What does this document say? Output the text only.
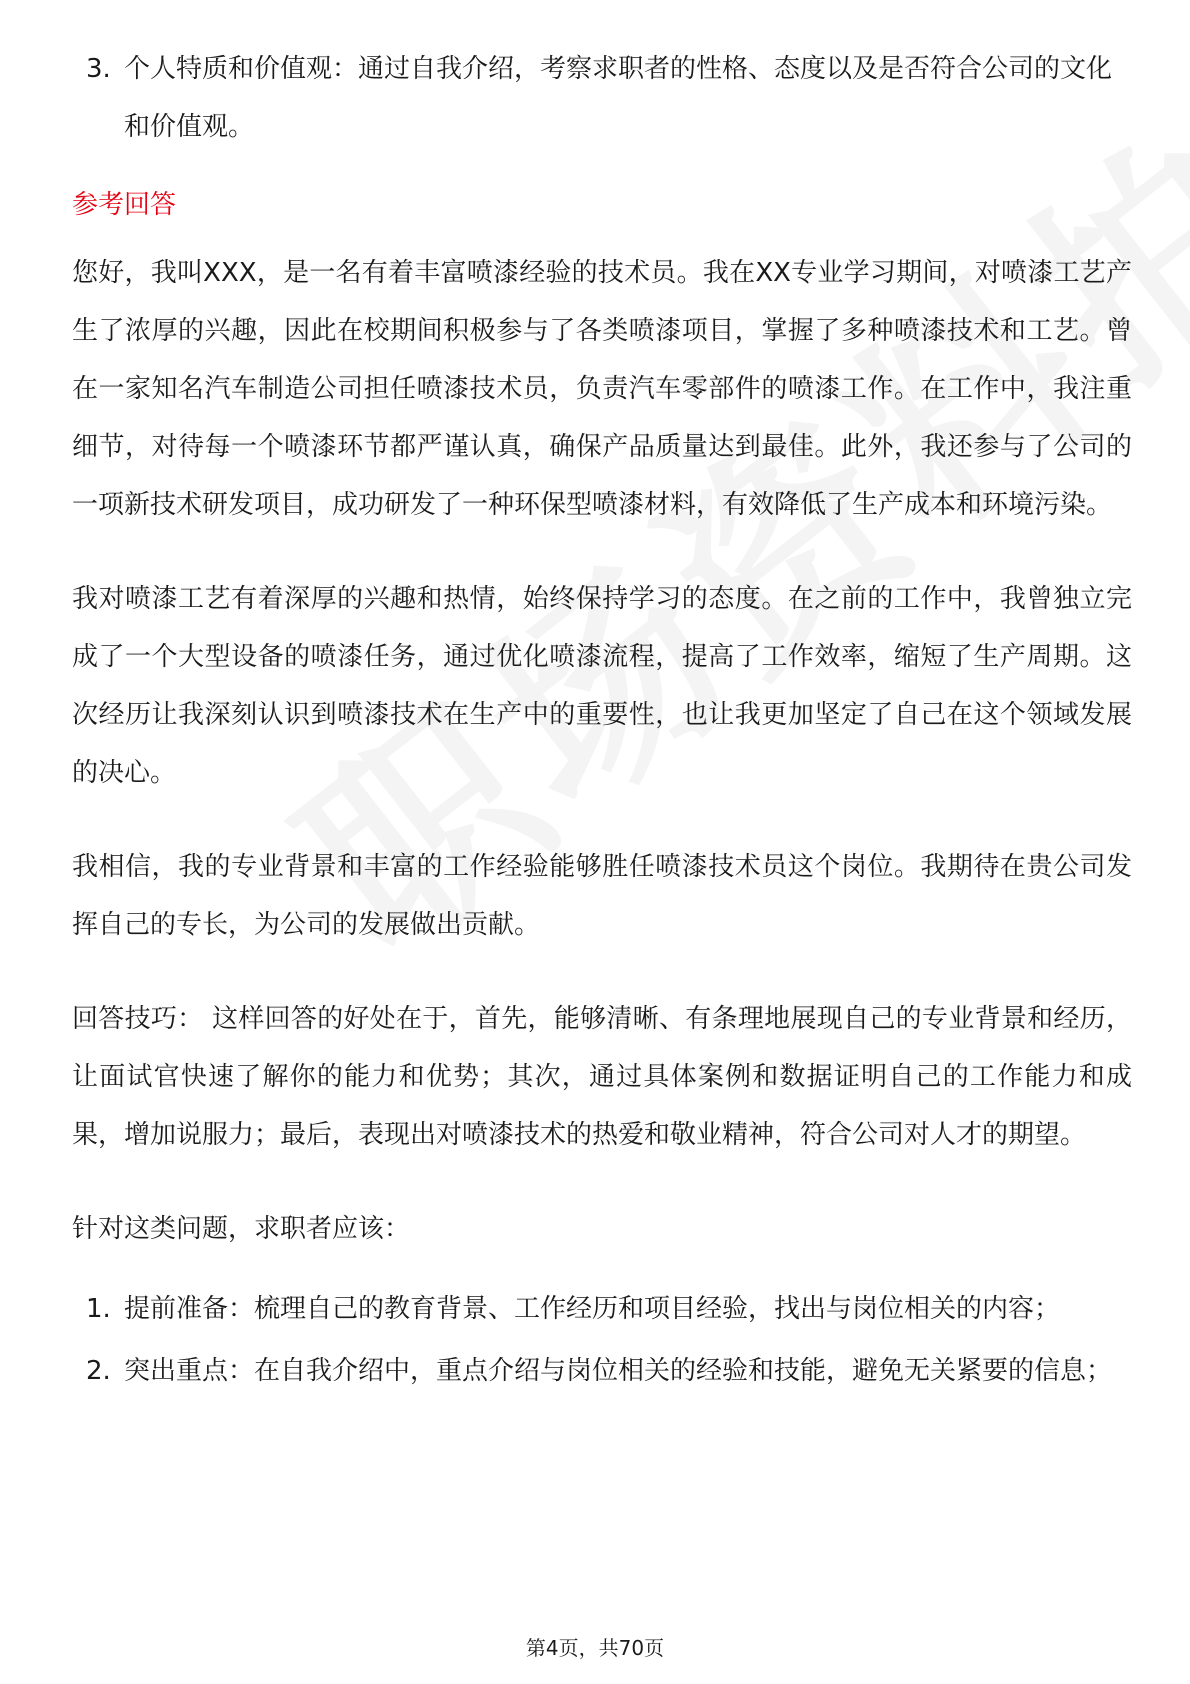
3. 个人特质和价值观：通过自我介绍，考察求职者的性格、态度以及是否符合公司的文化和价值观。
参考回答

您好，我叫XXX，是一名有着丰富喷漆经验的技术员。我在XX专业学习期间，对喷漆工艺产生了浓厚的兴趣，因此在校期间积极参与了各类喷漆项目，掌握了多种喷漆技术和工艺。曾在一家知名汽车制造公司担任喷漆技术员，负责汽车零部件的喷漆工作。在工作中，我注重细节，对待每一个喷漆环节都严谨认真，确保产品质量达到最佳。此外，我还参与了公司的一项新技术研发项目，成功研发了一种环保型喷漆材料，有效降低了生产成本和环境污染。

我对喷漆工艺有着深厚的兴趣和热情，始终保持学习的态度。在之前的工作中，我曾独立完成了一个大型设备的喷漆任务，通过优化喷漆流程，提高了工作效率，缩短了生产周期。这次经历让我深刻认识到喷漆技术在生产中的重要性，也让我更加坚定了自己在这个领域发展的决心。

我相信，我的专业背景和丰富的工作经验能够胜任喷漆技术员这个岗位。我期待在贵公司发挥自己的专长，为公司的发展做出贡献。

回答技巧： 这样回答的好处在于，首先，能够清晰、有条理地展现自己的专业背景和经历，让面试官快速了解你的能力和优势；其次，通过具体案例和数据证明自己的工作能力和成果，增加说服力；最后，表现出对喷漆技术的热爱和敬业精神，符合公司对人才的期望。

针对这类问题，求职者应该：

1. 提前准备：梳理自己的教育背景、工作经历和项目经验，找出与岗位相关的内容；
2. 突出重点：在自我介绍中，重点介绍与岗位相关的经验和技能，避免无关紧要的信息；
第4页，共70页
